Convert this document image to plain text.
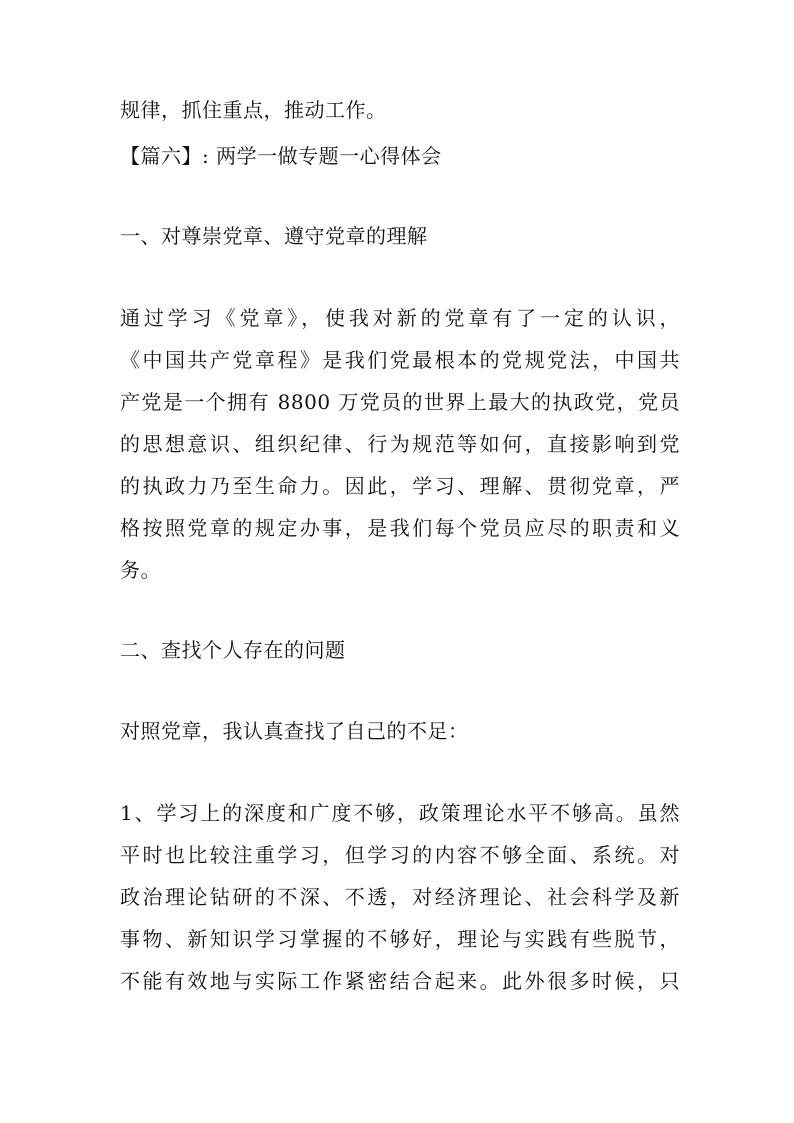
规律，抓住重点，推动工作。
【篇六】: 两学一做专题一心得体会
一、对尊崇党章、遵守党章的理解
通过学习《党章》，使我对新的党章有了一定的认识，
《中国共产党章程》是我们党最根本的党规党法，中国共
产党是一个拥有 8800 万党员的世界上最大的执政党，党员
的思想意识、组织纪律、行为规范等如何，直接影响到党
的执政力乃至生命力。因此，学习、理解、贯彻党章，严
格按照党章的规定办事，是我们每个党员应尽的职责和义
务。
二、查找个人存在的问题
对照党章，我认真查找了自己的不足：
1、学习上的深度和广度不够，政策理论水平不够高。虽然
平时也比较注重学习，但学习的内容不够全面、系统。对
政治理论钻研的不深、不透，对经济理论、社会科学及新
事物、新知识学习掌握的不够好，理论与实践有些脱节，
不能有效地与实际工作紧密结合起来。此外很多时候，只
